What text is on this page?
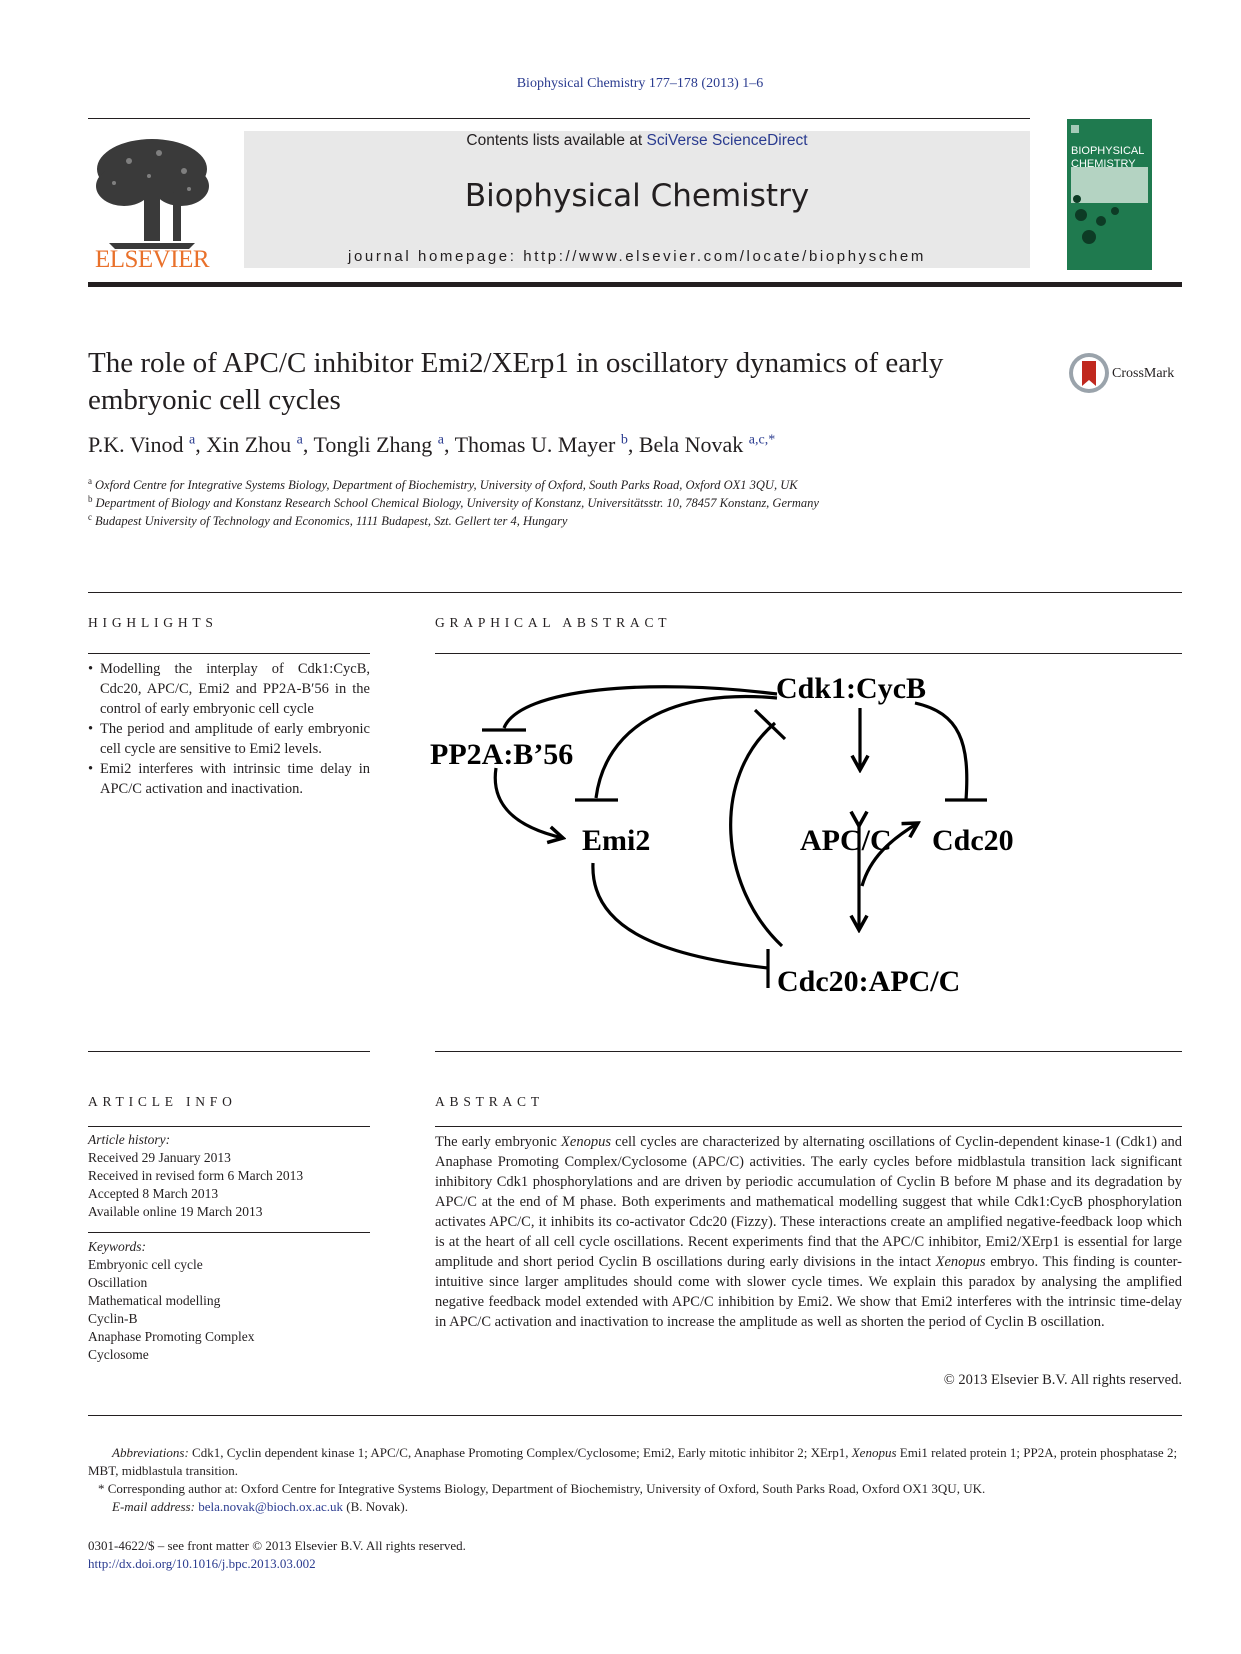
Biophysical Chemistry 177–178 (2013) 1–6
ELSEVIER
Contents lists available at SciVerse ScienceDirect
Biophysical Chemistry
journal homepage: http://www.elsevier.com/locate/biophyschem
BIOPHYSICAL
CHEMISTRY
The role of APC/C inhibitor Emi2/XErp1 in oscillatory dynamics of early
embryonic cell cycles
CrossMark
P.K. Vinod $^a$, Xin Zhou $^a$, Tongli Zhang $^a$, Thomas U. Mayer $^b$, Bela Novak $^{a,c,*}$
$^a$ Oxford Centre for Integrative Systems Biology, Department of Biochemistry, University of Oxford, South Parks Road, Oxford OX1 3QU, UK
$^b$ Department of Biology and Konstanz Research School Chemical Biology, University of Konstanz, Universitätsstr. 10, 78457 Konstanz, Germany
$^c$ Budapest University of Technology and Economics, 1111 Budapest, Szt. Gellert ter 4, Hungary
HIGHLIGHTS
• Modelling the interplay of Cdk1:CycB, Cdc20, APC/C, Emi2 and PP2A-B′56 in the control of early embryonic cell cycle
• The period and amplitude of early embryonic cell cycle are sensitive to Emi2 levels.
• Emi2 interferes with intrinsic time delay in APC/C activation and inactivation.
GRAPHICAL ABSTRACT
Cdk1:CycB
PP2A:B’56
Emi2	APC/C Cdc20
Cdc20:APC/C
ARTICLE INFO
Article history:
Received 29 January 2013
Received in revised form 6 March 2013
Accepted 8 March 2013
Available online 19 March 2013
Keywords:
Embryonic cell cycle
Oscillation
Mathematical modelling
Cyclin-B
Anaphase Promoting Complex
Cyclosome
ABSTRACT
The early embryonic Xenopus cell cycles are characterized by alternating oscillations of Cyclin-dependent kinase-1 (Cdk1) and Anaphase Promoting Complex/Cyclosome (APC/C) activities. The early cycles before midblastula transition lack significant inhibitory Cdk1 phosphorylations and are driven by periodic accumulation of Cyclin B before M phase and its degradation by APC/C at the end of M phase. Both experiments and mathematical modelling suggest that while Cdk1:CycB phosphorylation activates APC/C, it inhibits its co-activator Cdc20 (Fizzy). These interactions create an amplified negative-feedback loop which is at the heart of all cell cycle oscillations. Recent experiments find that the APC/C inhibitor, Emi2/XErp1 is essential for large amplitude and short period Cyclin B oscillations during early divisions in the intact Xenopus embryo. This finding is counter-intuitive since larger amplitudes should come with slower cycle times. We explain this paradox by analysing the amplified negative feedback model extended with APC/C inhibition by Emi2. We show that Emi2 interferes with the intrinsic time-delay in APC/C activation and inactivation to increase the amplitude as well as shorten the period of Cyclin B oscillation.
© 2013 Elsevier B.V. All rights reserved.
Abbreviations: Cdk1, Cyclin dependent kinase 1; APC/C, Anaphase Promoting Complex/Cyclosome; Emi2, Early mitotic inhibitor 2; XErp1, Xenopus Emi1 related protein 1; PP2A, protein phosphatase 2; MBT, midblastula transition.
* Corresponding author at: Oxford Centre for Integrative Systems Biology, Department of Biochemistry, University of Oxford, South Parks Road, Oxford OX1 3QU, UK.
E-mail address: bela.novak@bioch.ox.ac.uk (B. Novak).
0301-4622/$ – see front matter © 2013 Elsevier B.V. All rights reserved.
http://dx.doi.org/10.1016/j.bpc.2013.03.002
